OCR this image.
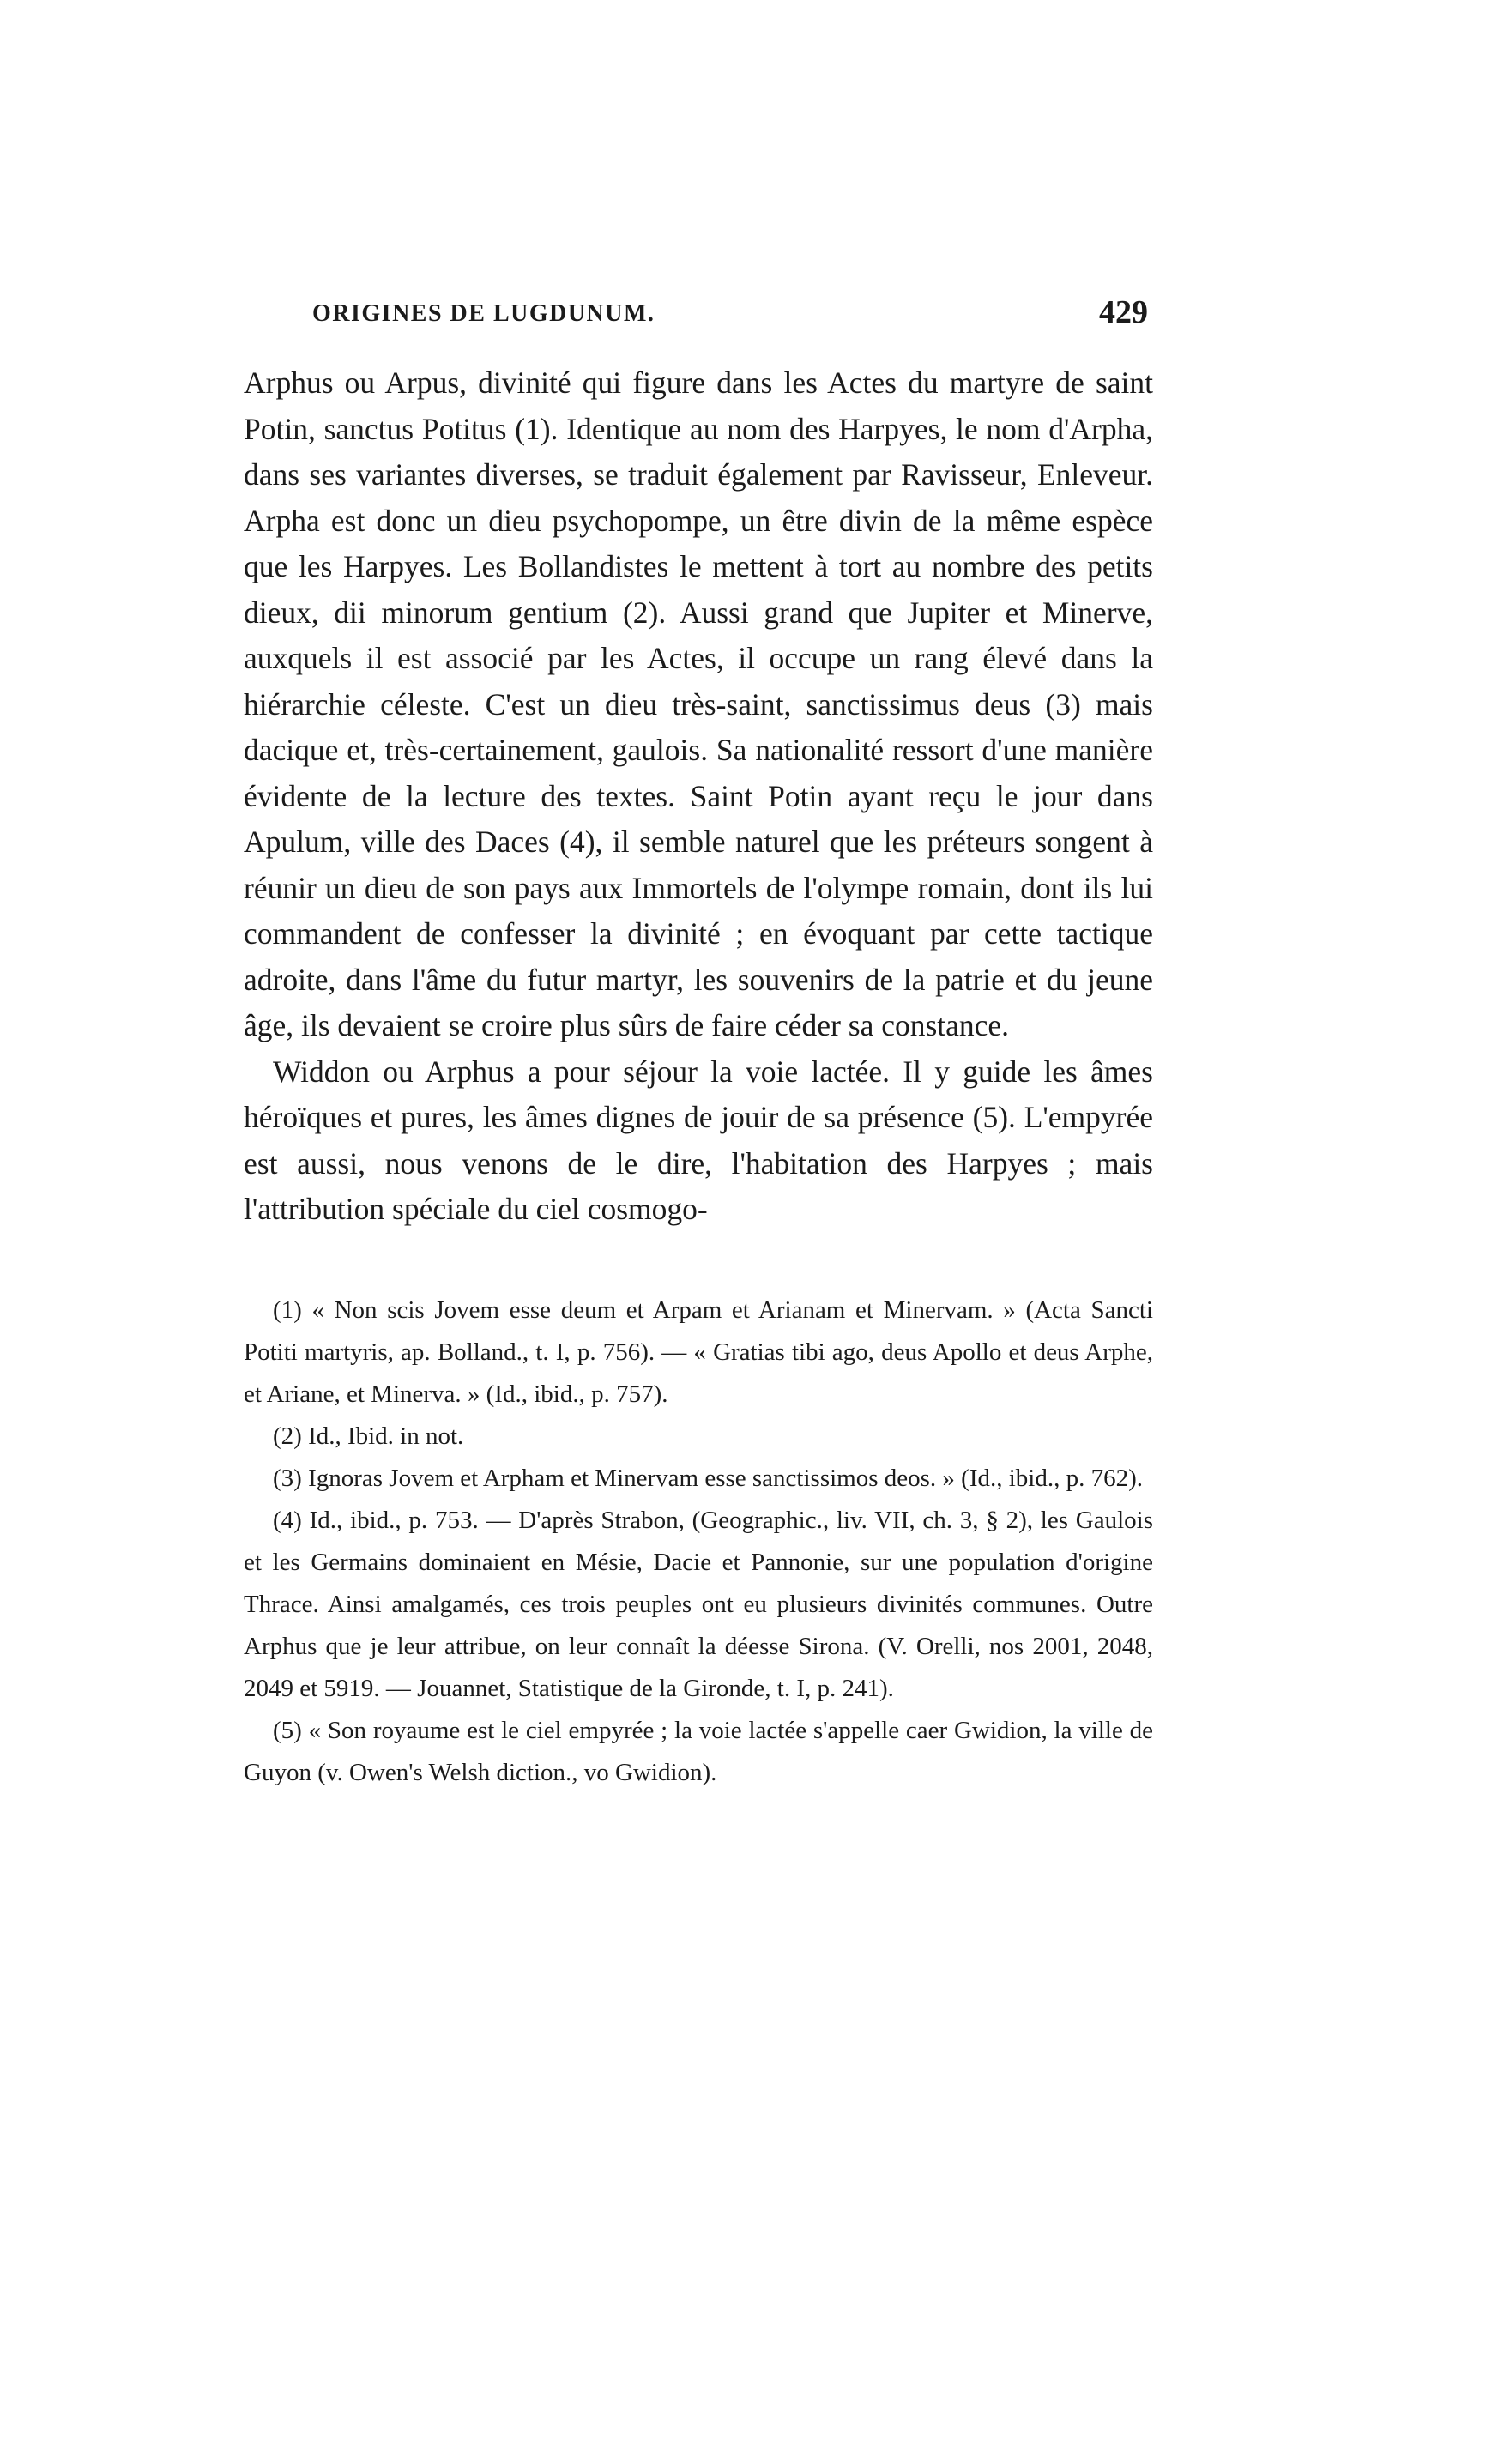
ORIGINES DE LUGDUNUM.	429

Arphus ou Arpus, divinité qui figure dans les Actes du martyre de saint Potin, sanctus Potitus (1). Identique au nom des Harpyes, le nom d'Arpha, dans ses variantes diverses, se traduit également par Ravisseur, Enleveur. Arpha est donc un dieu psychopompe, un être divin de la même espèce que les Harpyes. Les Bollandistes le mettent à tort au nombre des petits dieux, dii minorum gentium (2). Aussi grand que Jupiter et Minerve, auxquels il est associé par les Actes, il occupe un rang élevé dans la hiérarchie céleste. C'est un dieu très-saint, sanctissimus deus (3) mais dacique et, très-certainement, gaulois. Sa nationalité ressort d'une manière évidente de la lecture des textes. Saint Potin ayant reçu le jour dans Apulum, ville des Daces (4), il semble naturel que les préteurs songent à réunir un dieu de son pays aux Immortels de l'olympe romain, dont ils lui commandent de confesser la divinité ; en évoquant par cette tactique adroite, dans l'âme du futur martyr, les souvenirs de la patrie et du jeune âge, ils devaient se croire plus sûrs de faire céder sa constance.

Widdon ou Arphus a pour séjour la voie lactée. Il y guide les âmes héroïques et pures, les âmes dignes de jouir de sa présence (5). L'empyrée est aussi, nous venons de le dire, l'habitation des Harpyes ; mais l'attribution spéciale du ciel cosmogo-

(1) « Non scis Jovem esse deum et Arpam et Arianam et Minervam. » (Acta Sancti Potiti martyris, ap. Bolland., t. I, p. 756). — « Gratias tibi ago, deus Apollo et deus Arphe, et Ariane, et Minerva. » (Id., ibid., p. 757).

(2) Id., Ibid. in not.

(3) Ignoras Jovem et Arpham et Minervam esse sanctissimos deos. » (Id., ibid., p. 762).

(4) Id., ibid., p. 753. — D'après Strabon, (Geographic., liv. VII, ch. 3, § 2), les Gaulois et les Germains dominaient en Mésie, Dacie et Pannonie, sur une population d'origine Thrace. Ainsi amalgamés, ces trois peuples ont eu plusieurs divinités communes. Outre Arphus que je leur attribue, on leur connaît la déesse Sirona. (V. Orelli, nos 2001, 2048, 2049 et 5919. — Jouannet, Statistique de la Gironde, t. I, p. 241).

(5) « Son royaume est le ciel empyrée ; la voie lactée s'appelle caer Gwidion, la ville de Guyon (v. Owen's Welsh diction., vo Gwidion).
